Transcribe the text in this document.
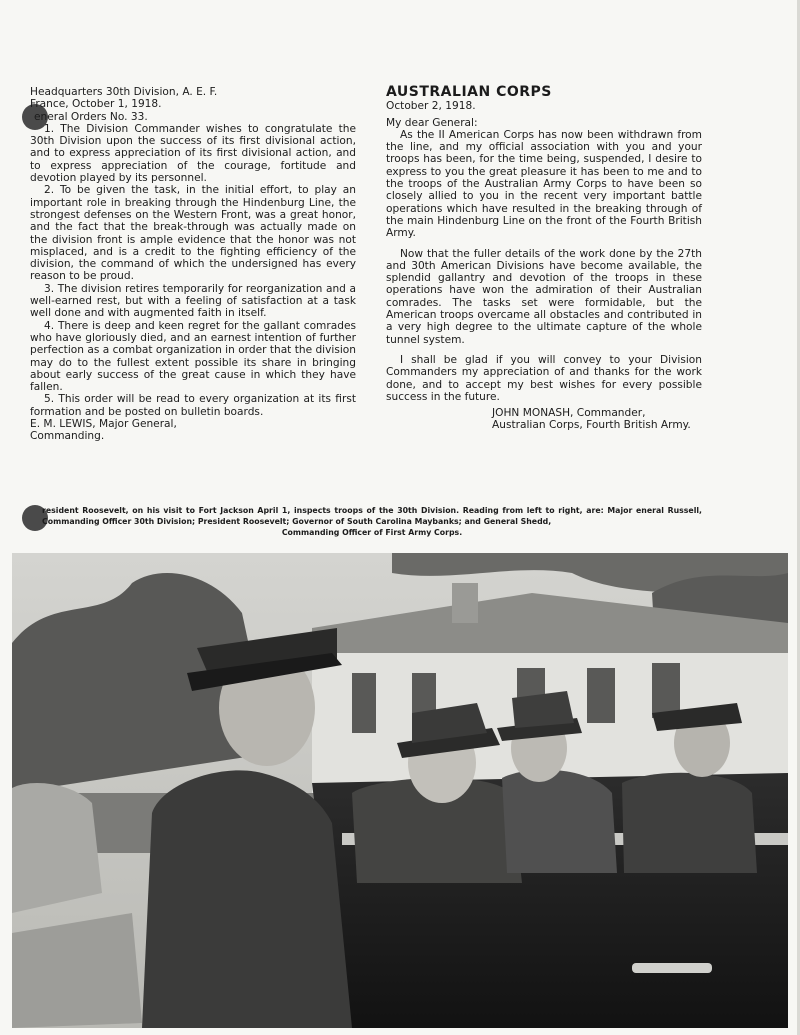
Headquarters 30th Division, A. E. F.

France, October 1, 1918.

eneral Orders No. 33.

1. The Division Commander wishes to congratulate the 30th Division upon the success of its first divisional action, and to express appreciation of its first divisional action, and to express appreciation of the courage, fortitude and devotion played by its personnel.

2. To be given the task, in the initial effort, to play an important role in breaking through the Hindenburg Line, the strongest defenses on the Western Front, was a great honor, and the fact that the break-through was actually made on the division front is ample evidence that the honor was not misplaced, and is a credit to the fighting efficiency of the division, the command of which the undersigned has every reason to be proud.

3. The division retires temporarily for reorganization and a well-earned rest, but with a feeling of satisfaction at a task well done and with augmented faith in itself.

4. There is deep and keen regret for the gallant comrades who have gloriously died, and an earnest intention of further perfection as a combat organization in order that the division may do to the fullest extent possible its share in bringing about early success of the great cause in which they have fallen.

5. This order will be read to every organization at its first formation and be posted on bulletin boards.

E. M. LEWIS, Major General,

Commanding.

AUSTRALIAN CORPS

October 2, 1918.

My dear General:

As the II American Corps has now been withdrawn from the line, and my official association with you and your troops has been, for the time being, suspended, I desire to express to you the great pleasure it has been to me and to the troops of the Australian Army Corps to have been so closely allied to you in the recent very important battle operations which have resulted in the breaking through of the main Hindenburg Line on the front of the Fourth British Army.

Now that the fuller details of the work done by the 27th and 30th American Divisions have become available, the splendid gallantry and devotion of the troops in these operations have won the admiration of their Australian comrades. The tasks set were formidable, but the American troops overcame all obstacles and contributed in a very high degree to the ultimate capture of the whole tunnel system.

I shall be glad if you will convey to your Division Commanders my appreciation of and thanks for the work done, and to accept my best wishes for every possible success in the future.

JOHN MONASH, Commander,

Australian Corps, Fourth British Army.

resident Roosevelt, on his visit to Fort Jackson April 1, inspects troops of the 30th Division. Reading from left to right, are: Major eneral Russell, Commanding Officer 30th Division; President Roosevelt; Governor of South Carolina Maybanks; and General Shedd,
Commanding Officer of First Army Corps.
